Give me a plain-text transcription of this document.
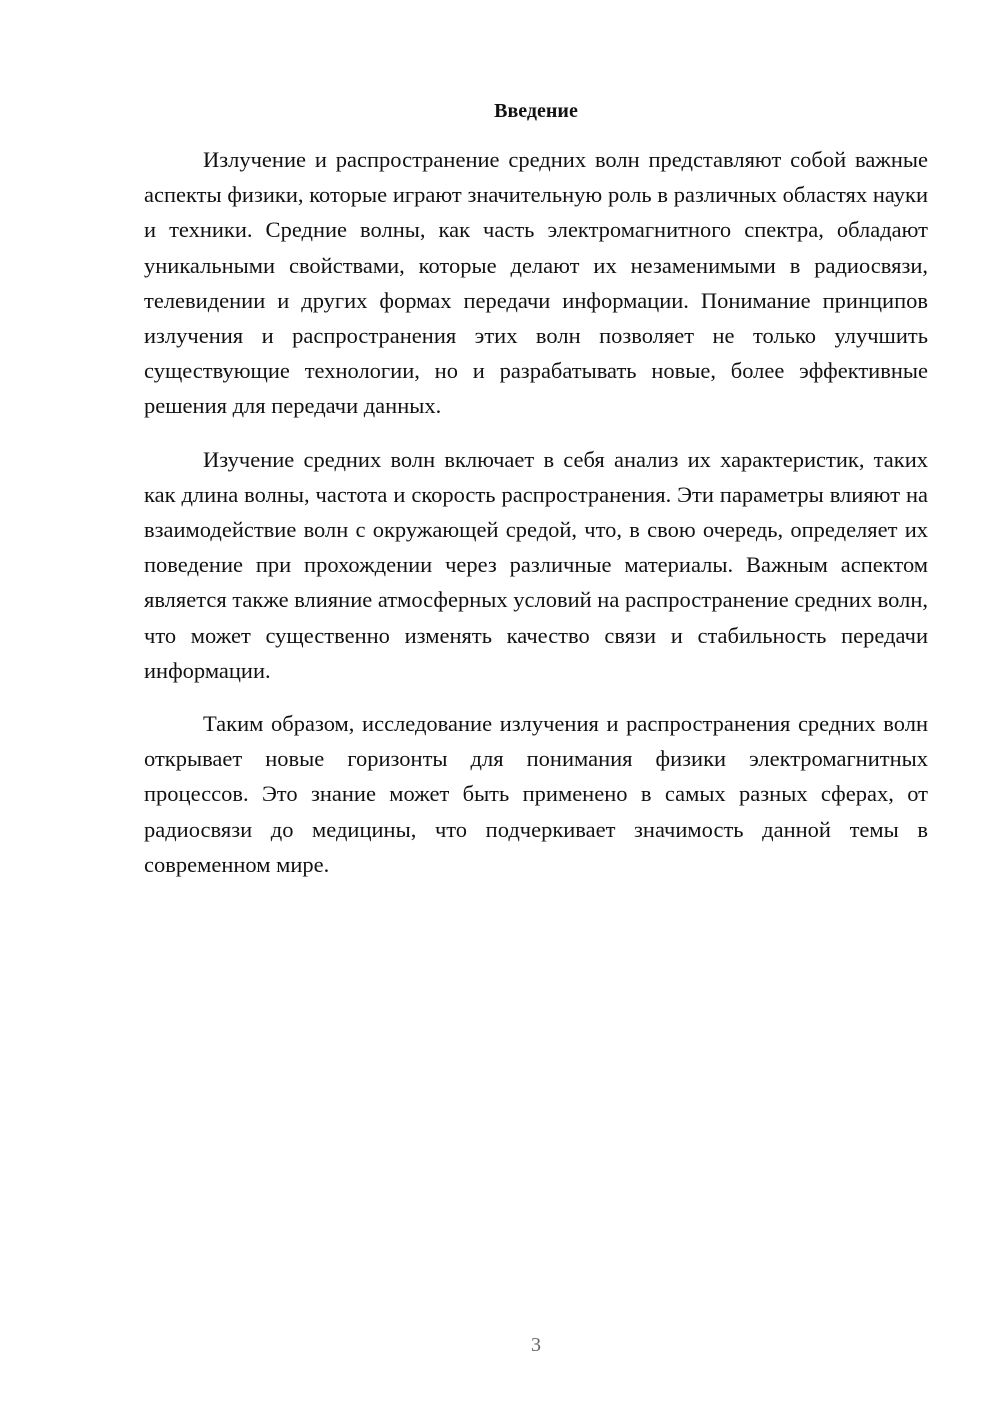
Введение

Излучение и распространение средних волн представляют собой важные аспекты физики, которые играют значительную роль в различных областях науки и техники. Средние волны, как часть электромагнитного спектра, обладают уникальными свойствами, которые делают их незаменимыми в радиосвязи, телевидении и других формах передачи информации. Понимание принципов излучения и распространения этих волн позволяет не только улучшить существующие технологии, но и разрабатывать новые, более эффективные решения для передачи данных.

Изучение средних волн включает в себя анализ их характеристик, таких как длина волны, частота и скорость распространения. Эти параметры влияют на взаимодействие волн с окружающей средой, что, в свою очередь, определяет их поведение при прохождении через различные материалы. Важным аспектом является также влияние атмосферных условий на распространение средних волн, что может существенно изменять качество связи и стабильность передачи информации.

Таким образом, исследование излучения и распространения средних волн открывает новые горизонты для понимания физики электромагнитных процессов. Это знание может быть применено в самых разных сферах, от радиосвязи до медицины, что подчеркивает значимость данной темы в современном мире.

3
